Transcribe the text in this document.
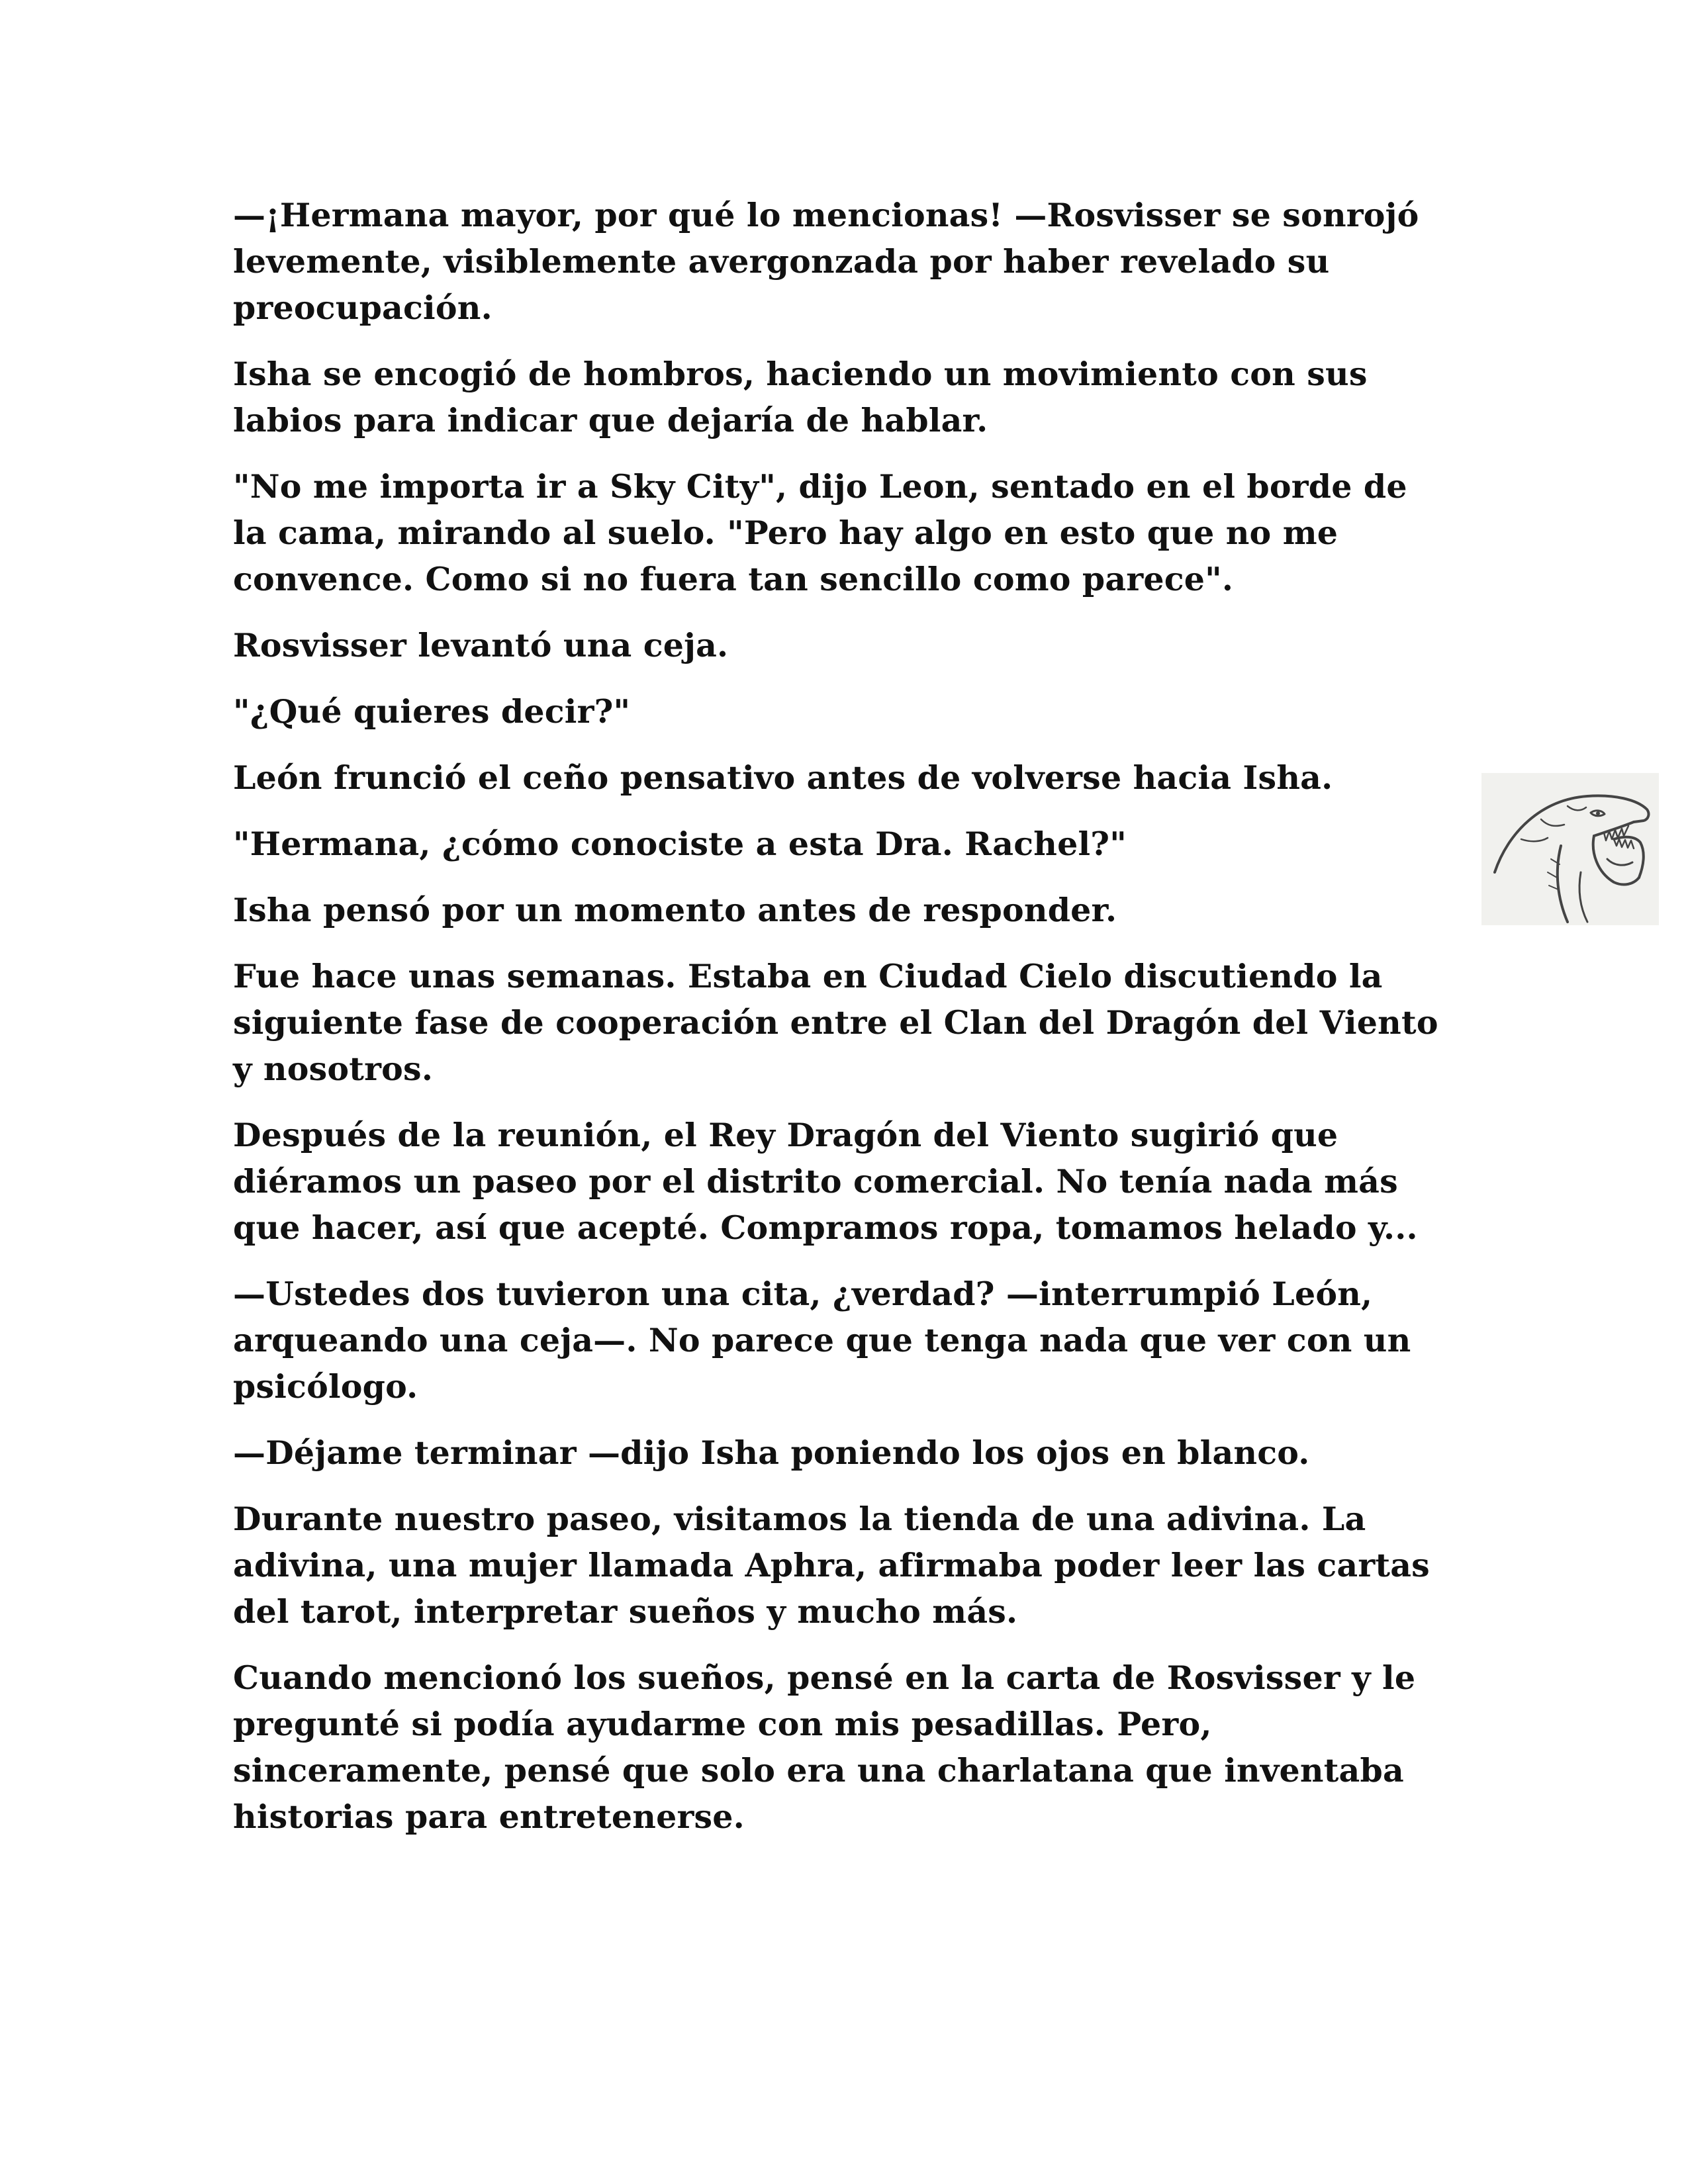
—¡Hermana mayor, por qué lo mencionas! —Rosvisser se sonrojó levemente, visiblemente avergonzada por haber revelado su preocupación.

Isha se encogió de hombros, haciendo un movimiento con sus labios para indicar que dejaría de hablar.

"No me importa ir a Sky City", dijo Leon, sentado en el borde de la cama, mirando al suelo. "Pero hay algo en esto que no me convence. Como si no fuera tan sencillo como parece".

Rosvisser levantó una ceja.

"¿Qué quieres decir?"

León frunció el ceño pensativo antes de volverse hacia Isha.

"Hermana, ¿cómo conociste a esta Dra. Rachel?"

Isha pensó por un momento antes de responder.

Fue hace unas semanas. Estaba en Ciudad Cielo discutiendo la siguiente fase de cooperación entre el Clan del Dragón del Viento y nosotros.

Después de la reunión, el Rey Dragón del Viento sugirió que diéramos un paseo por el distrito comercial. No tenía nada más que hacer, así que acepté. Compramos ropa, tomamos helado y...

—Ustedes dos tuvieron una cita, ¿verdad? —interrumpió León, arqueando una ceja—. No parece que tenga nada que ver con un psicólogo.

—Déjame terminar —dijo Isha poniendo los ojos en blanco.

Durante nuestro paseo, visitamos la tienda de una adivina. La adivina, una mujer llamada Aphra, afirmaba poder leer las cartas del tarot, interpretar sueños y mucho más.

Cuando mencionó los sueños, pensé en la carta de Rosvisser y le pregunté si podía ayudarme con mis pesadillas. Pero, sinceramente, pensé que solo era una charlatana que inventaba historias para entretenerse.
